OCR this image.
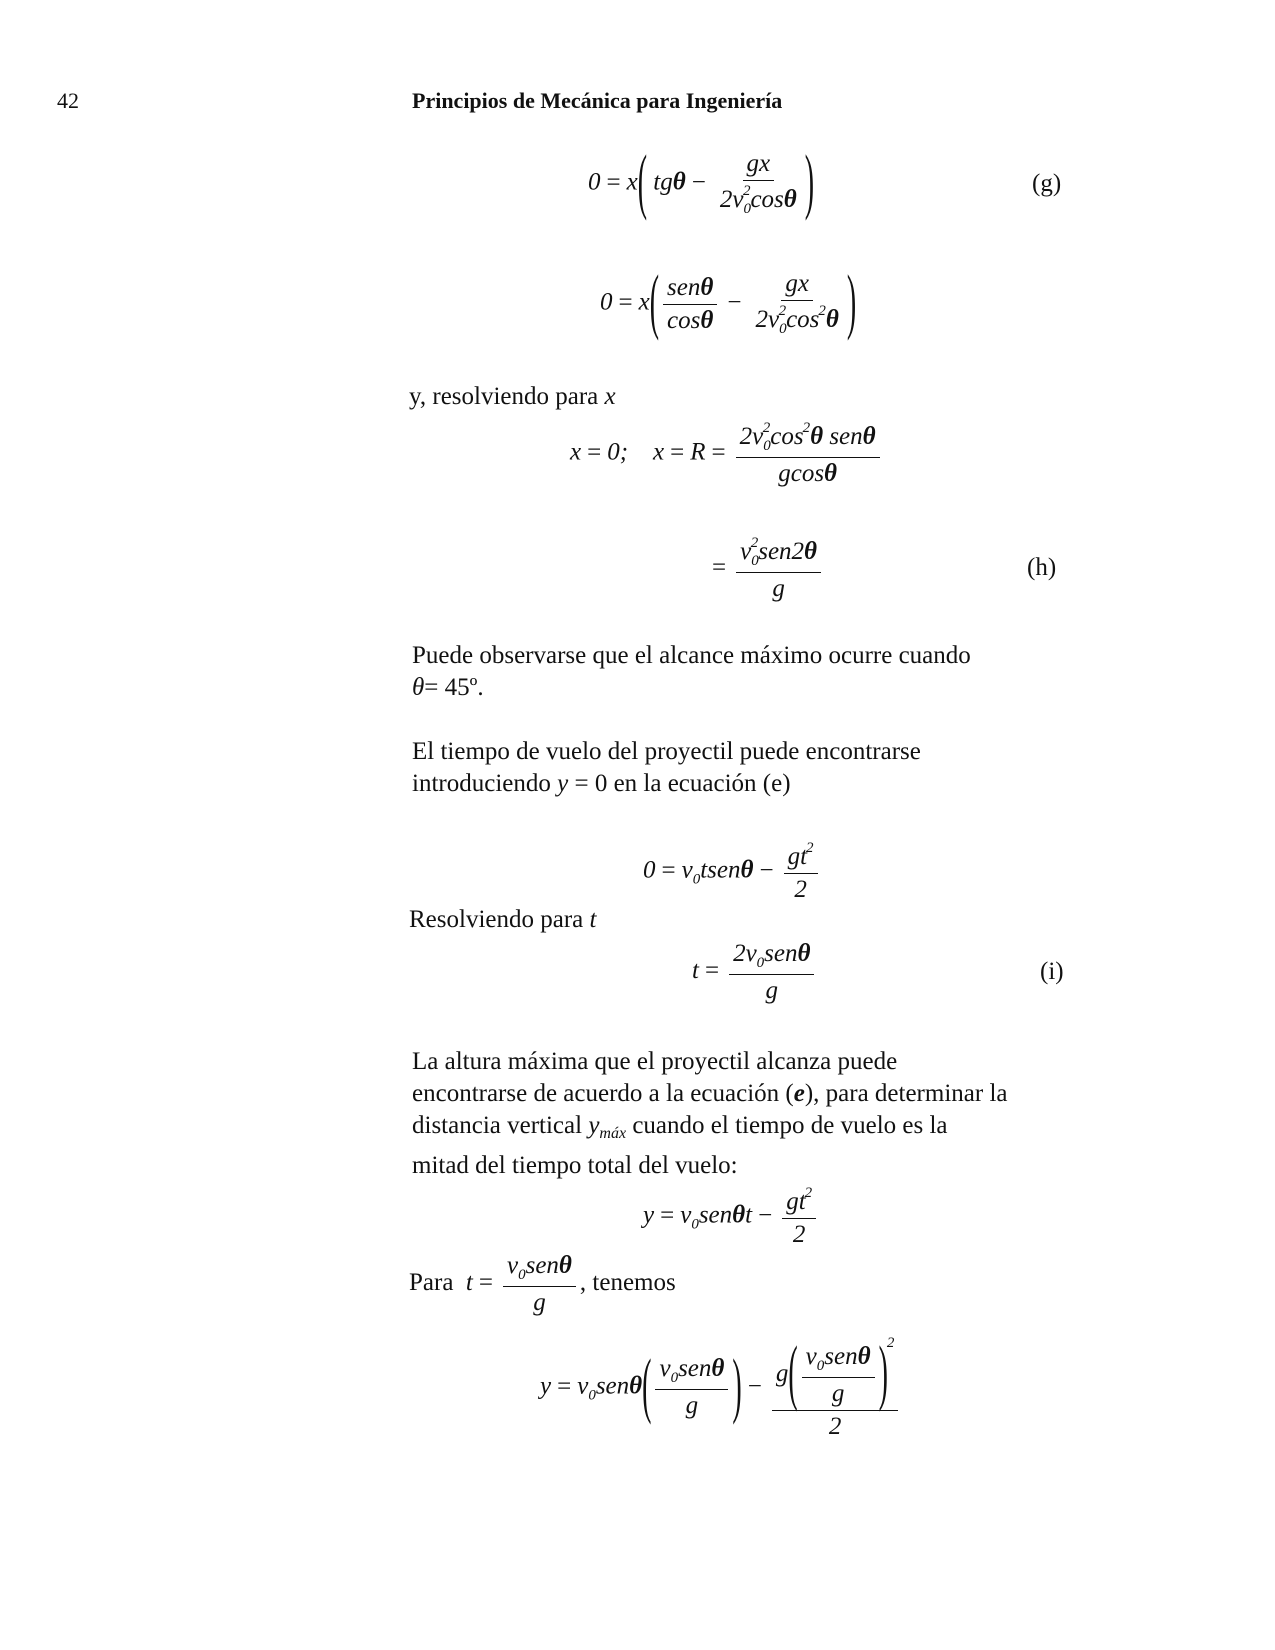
42	Principios de Mecánica para Ingeniería
0 = x( $tg\theta - \frac{gx}{2v_0^2\cos\theta}$ )	(g)
$0 = x( \frac{\text{senθ}}{\cos\theta} - \frac{gx}{2v_0^2\cos^2\theta}$ )
y, resolviendo para x
x = 0;    $x = R = \frac{2v_0^2\cos^2\theta sen\theta}{gcos\theta}$
= $\frac{v_0^2sen2\theta}{g}$	(h)
Puede observarse que el alcance máximo ocurre cuando
θ= 45º.
El tiempo de vuelo del proyectil puede encontrarse
introduciendo y = 0 en la ecuación (e)
$0 = v_0tsen\theta - \frac{gt^2}{2}$
Resolviendo para t
$t = \frac{2v_0sen\theta}{g}$	(i)
La altura máxima que el proyectil alcanza puede
encontrarse de acuerdo a la ecuación (e), para determinar la
distancia vertical $y_{máx}$ cuando el tiempo de vuelo es la
mitad del tiempo total del vuelo:
$y = v_0sen\theta t - \frac{gt^2}{2}$
Para  $t = \frac{v_0sen\theta}{g}$ , tenemos
$y = v_0sen\theta( \frac{v_0sen\theta}{g}$ ) − $\frac{g( \frac{v_0sen\theta}{g} )^2}{2}$
